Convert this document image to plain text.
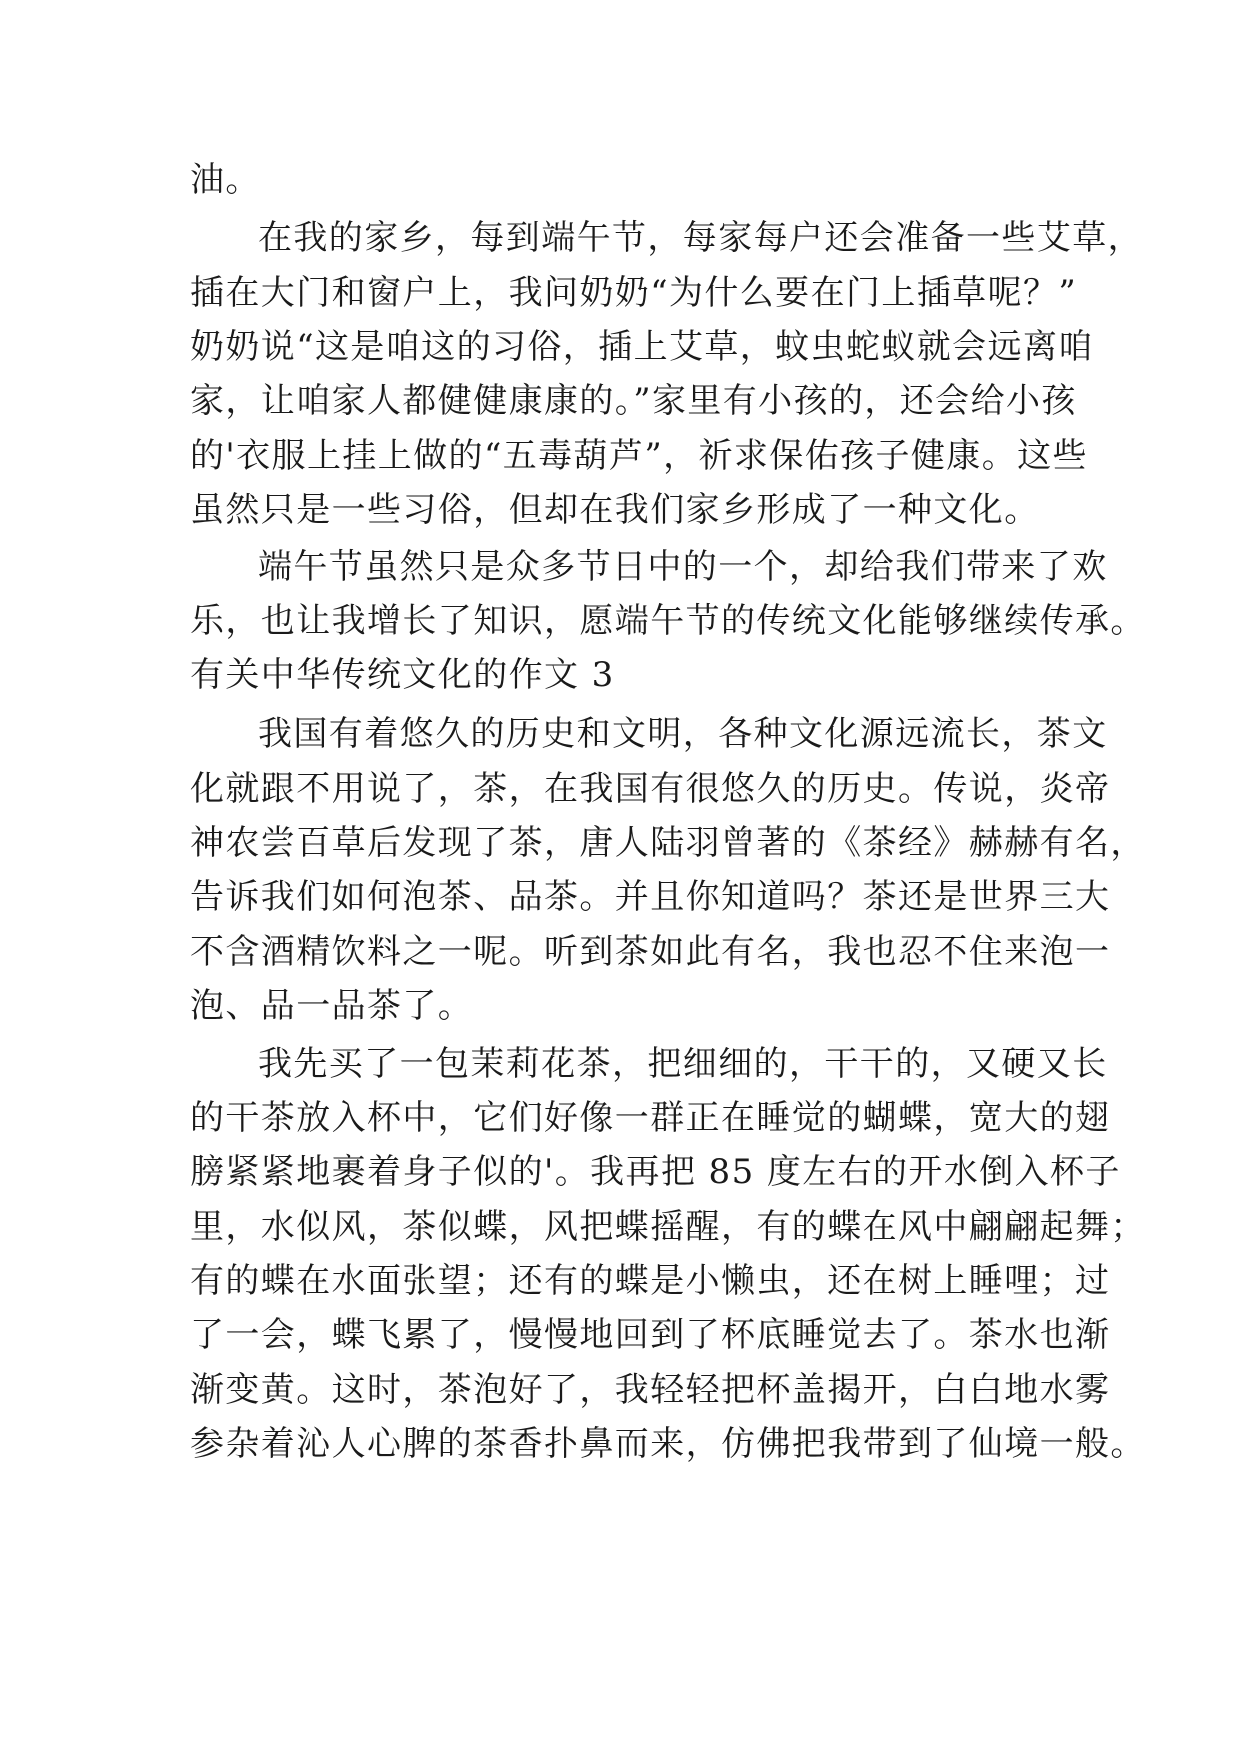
油。
在我的家乡，每到端午节，每家每户还会准备一些艾草，
插在大门和窗户上，我问奶奶“为什么要在门上插草呢？”
奶奶说“这是咱这的习俗，插上艾草，蚊虫蛇蚁就会远离咱
家，让咱家人都健健康康的。”家里有小孩的，还会给小孩
的'衣服上挂上做的“五毒葫芦”，祈求保佑孩子健康。这些
虽然只是一些习俗，但却在我们家乡形成了一种文化。
端午节虽然只是众多节日中的一个，却给我们带来了欢
乐，也让我增长了知识，愿端午节的传统文化能够继续传承。
有关中华传统文化的作文 3
我国有着悠久的历史和文明，各种文化源远流长，茶文
化就跟不用说了，茶，在我国有很悠久的历史。传说，炎帝
神农尝百草后发现了茶，唐人陆羽曾著的《茶经》赫赫有名，
告诉我们如何泡茶、品茶。并且你知道吗？茶还是世界三大
不含酒精饮料之一呢。听到茶如此有名，我也忍不住来泡一
泡、品一品茶了。
我先买了一包茉莉花茶，把细细的，干干的，又硬又长
的干茶放入杯中，它们好像一群正在睡觉的蝴蝶，宽大的翅
膀紧紧地裹着身子似的'。我再把 85 度左右的开水倒入杯子
里，水似风，茶似蝶，风把蝶摇醒，有的蝶在风中翩翩起舞；
有的蝶在水面张望；还有的蝶是小懒虫，还在树上睡哩；过
了一会，蝶飞累了，慢慢地回到了杯底睡觉去了。茶水也渐
渐变黄。这时，茶泡好了，我轻轻把杯盖揭开，白白地水雾
参杂着沁人心脾的茶香扑鼻而来，仿佛把我带到了仙境一般。
